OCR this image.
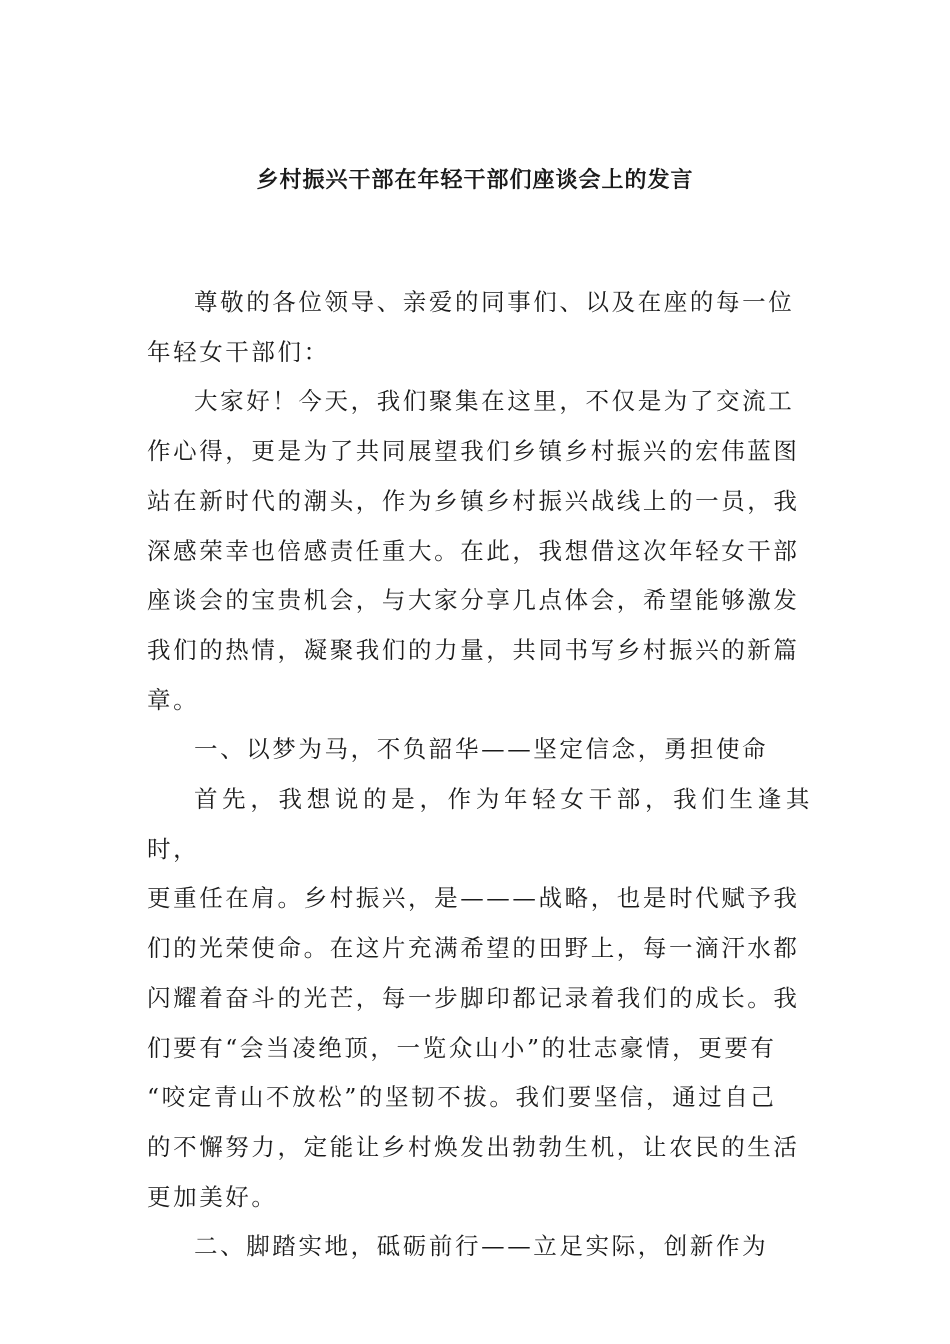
乡村振兴干部在年轻干部们座谈会上的发言

尊敬的各位领导、亲爱的同事们、以及在座的每一位
年轻女干部们：

大家好！今天，我们聚集在这里，不仅是为了交流工
作心得，更是为了共同展望我们乡镇乡村振兴的宏伟蓝图
站在新时代的潮头，作为乡镇乡村振兴战线上的一员，我
深感荣幸也倍感责任重大。在此，我想借这次年轻女干部
座谈会的宝贵机会，与大家分享几点体会，希望能够激发
我们的热情，凝聚我们的力量，共同书写乡村振兴的新篇
章。

一、以梦为马，不负韶华——坚定信念，勇担使命

首先，我想说的是，作为年轻女干部，我们生逢其时，
更重任在肩。乡村振兴，是———战略，也是时代赋予我
们的光荣使命。在这片充满希望的田野上，每一滴汗水都
闪耀着奋斗的光芒，每一步脚印都记录着我们的成长。我
们要有“会当凌绝顶，一览众山小”的壮志豪情，更要有
“咬定青山不放松”的坚韧不拔。我们要坚信，通过自己
的不懈努力，定能让乡村焕发出勃勃生机，让农民的生活
更加美好。

二、脚踏实地，砥砺前行——立足实际，创新作为
